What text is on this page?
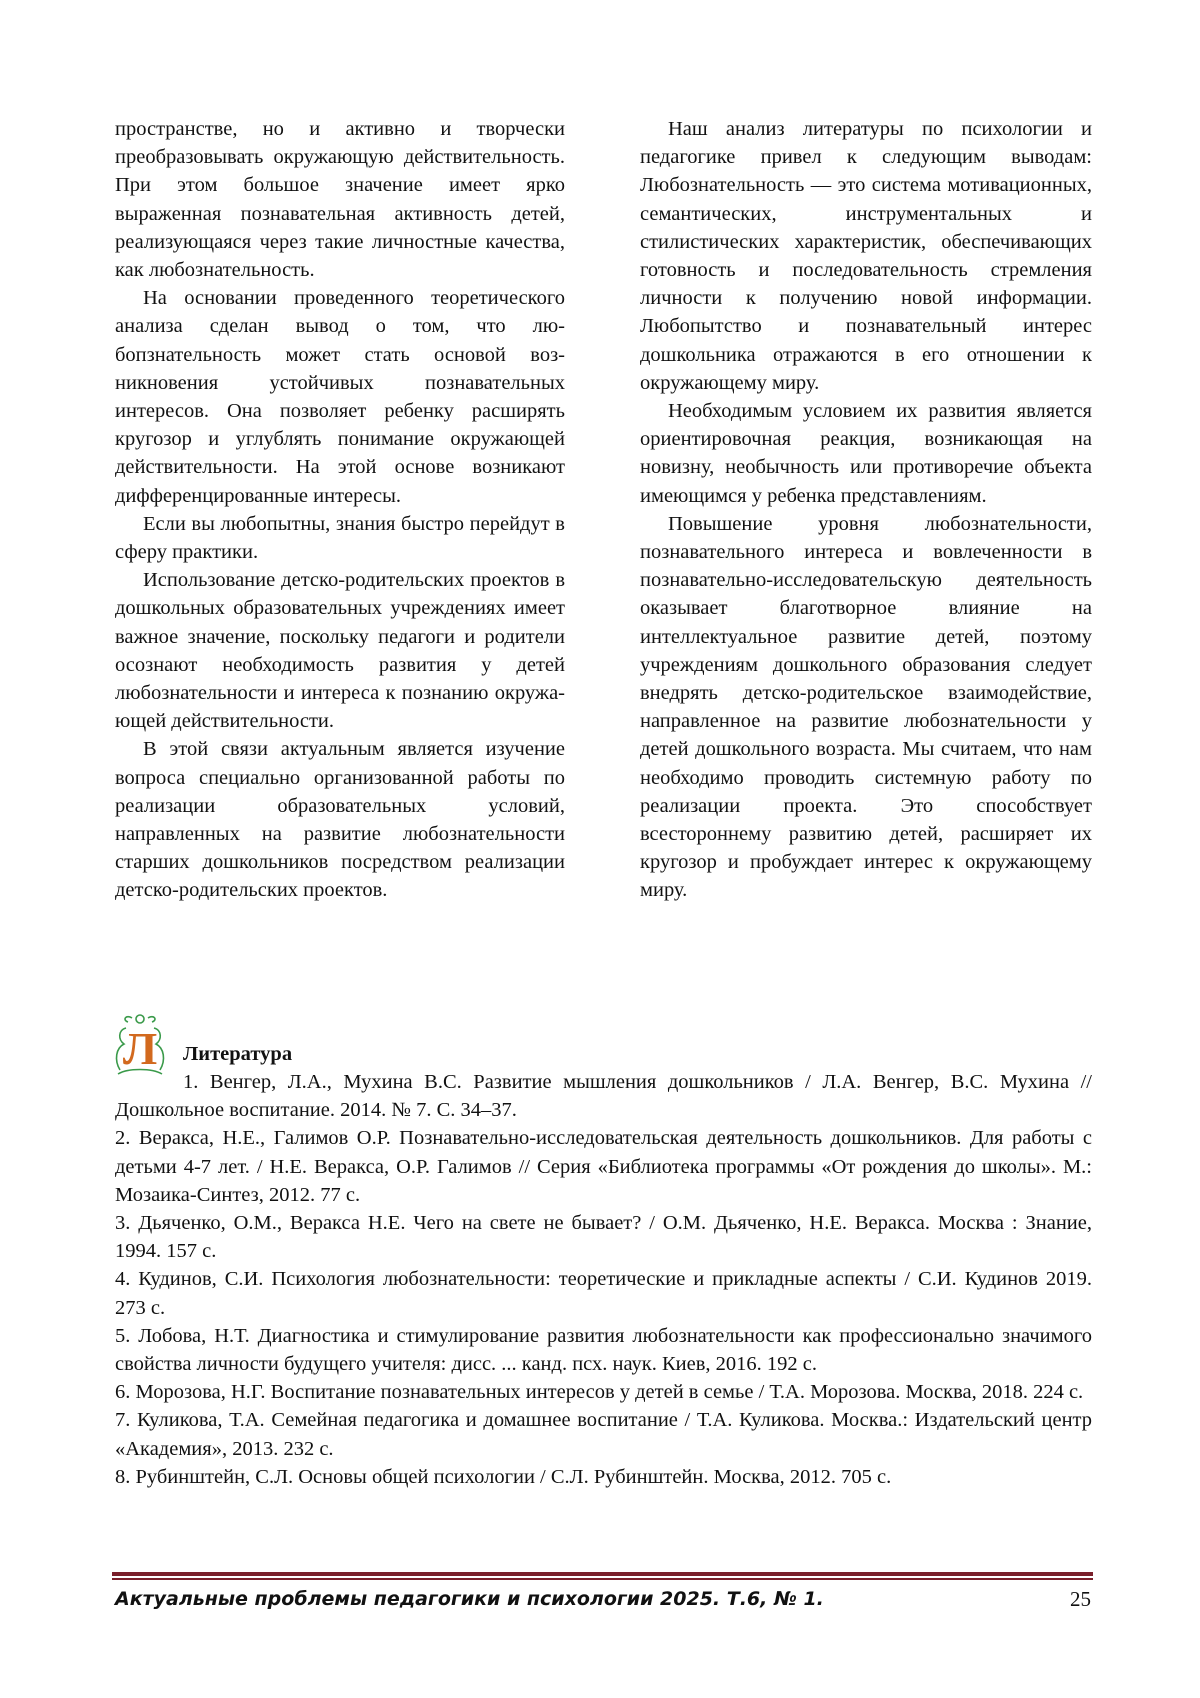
пространстве, но и активно и творчески преобразовывать окружающую действительность. При этом большое значение имеет ярко выраженная познавательная активность детей, реализующаяся через такие личностные качества, как любознательность.

На основании проведенного теоретического анализа сделан вывод о том, что любопзнательность может стать основой возникновения устойчивых познавательных интересов. Она позволяет ребенку расширять кругозор и углублять понимание окружающей действительности. На этой основе возникают дифференцированные интересы.

Если вы любопытны, знания быстро перейдут в сферу практики.

Использование детско-родительских проектов в дошкольных образовательных учреждениях имеет важное значение, поскольку педагоги и родители осознают необходимость развития у детей любознательности и интереса к познанию окружающей действительности.

В этой связи актуальным является изучение вопроса специально организованной работы по реализации образовательных условий, направленных на развитие любознательности старших дошкольников посредством реализации детско-родительских проектов.

Наш анализ литературы по психологии и педагогике привел к следующим выводам: Любознательность — это система мотивационных, семантических, инструментальных и стилистических характеристик, обеспечивающих готовность и последовательность стремления личности к получению новой информации. Любопытство и познавательный интерес дошкольника отражаются в его отношении к окружающему миру.

Необходимым условием их развития является ориентировочная реакция, возникающая на новизну, необычность или противоречие объекта имеющимся у ребенка представлениям.

Повышение уровня любознательности, познавательного интереса и вовлеченности в познавательно-исследовательскую деятельность оказывает благотворное влияние на интеллектуальное развитие детей, поэтому учреждениям дошкольного образования следует внедрять детско-родительское взаимодействие, направленное на развитие любознательности у детей дошкольного возраста. Мы считаем, что нам необходимо проводить системную работу по реализации проекта. Это способствует всестороннему развитию детей, расширяет их кругозор и пробуждает интерес к окружающему миру.

Л Литература
1. Венгер, Л.А., Мухина В.С. Развитие мышления дошкольников / Л.А. Венгер, В.С. Мухина // Дошкольное воспитание. 2014. № 7. С. 34–37.
2. Веракса, Н.Е., Галимов О.Р. Познавательно-исследовательская деятельность дошкольников. Для работы с детьми 4-7 лет. / Н.Е. Веракса, О.Р. Галимов // Серия «Библиотека программы «От рождения до школы». М.: Мозаика-Синтез, 2012. 77 с.
3. Дьяченко, О.М., Веракса Н.Е. Чего на свете не бывает? / О.М. Дьяченко, Н.Е. Веракса. Москва : Знание, 1994. 157 с.
4. Кудинов, С.И. Психология любознательности: теоретические и прикладные аспекты / С.И. Кудинов 2019. 273 с.
5. Лобова, Н.Т. Диагностика и стимулирование развития любознательности как профессионально значимого свойства личности будущего учителя: дисс. ... канд. псх. наук. Киев, 2016. 192 с.
6. Морозова, Н.Г. Воспитание познавательных интересов у детей в семье / Т.А. Морозова. Москва, 2018. 224 с.
7. Куликова, Т.А. Семейная педагогика и домашнее воспитание / Т.А. Куликова. Москва.: Издательский центр «Академия», 2013. 232 с.
8. Рубинштейн, С.Л. Основы общей психологии / С.Л. Рубинштейн. Москва, 2012. 705 с.
Актуальные проблемы педагогики и психологии 2025. Т.6, № 1.	25
